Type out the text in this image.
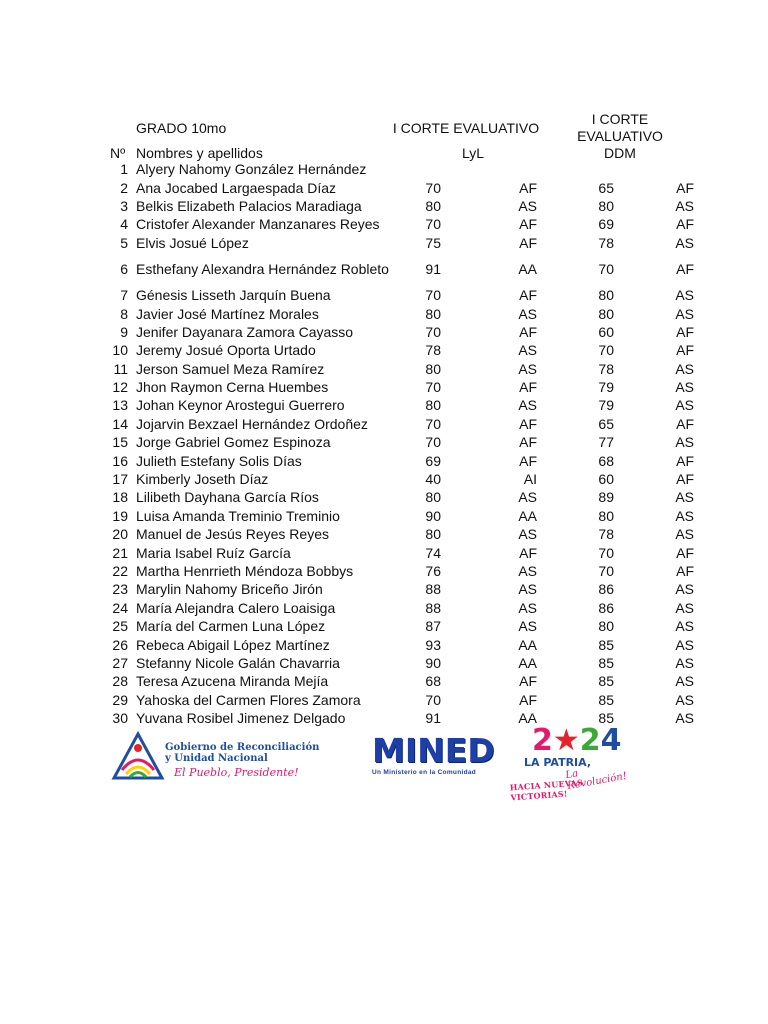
GRADO 10mo	I CORTE EVALUATIVO
I CORTE
EVALUATIVO
Nº Nombres y apellidos	LyL	DDM
1	Alyery Nahomy González Hernández				
2	Ana Jocabed Largaespada Díaz	70	AF	65	AF
3	Belkis Elizabeth Palacios Maradiaga	80	AS	80	AS
4	Cristofer Alexander Manzanares Reyes	70	AF	69	AF
5	Elvis Josué López	75	AF	78	AS
6	Esthefany Alexandra Hernández Robleto	91	AA	70	AF
7	Génesis Lisseth Jarquín Buena	70	AF	80	AS
8	Javier José Martínez Morales	80	AS	80	AS
9	Jenifer Dayanara Zamora Cayasso	70	AF	60	AF
10	Jeremy Josué Oporta Urtado	78	AS	70	AF
11	Jerson Samuel Meza Ramírez	80	AS	78	AS
12	Jhon Raymon Cerna Huembes	70	AF	79	AS
13	Johan Keynor Arostegui Guerrero	80	AS	79	AS
14	Jojarvin Bexzael Hernández Ordoñez	70	AF	65	AF
15	Jorge Gabriel Gomez Espinoza	70	AF	77	AS
16	Julieth Estefany Solis Días	69	AF	68	AF
17	Kimberly Joseth Díaz	40	AI	60	AF
18	Lilibeth Dayhana García Ríos	80	AS	89	AS
19	Luisa Amanda Treminio Treminio	90	AA	80	AS
20	Manuel de Jesús Reyes Reyes	80	AS	78	AS
21	Maria Isabel Ruíz García	74	AF	70	AF
22	Martha Henrrieth Méndoza Bobbys	76	AS	70	AF
23	Marylin Nahomy Briceño Jirón	88	AS	86	AS
24	María Alejandra Calero Loaisiga	88	AS	86	AS
25	María del Carmen Luna López	87	AS	80	AS
26	Rebeca Abigail López Martínez	93	AA	85	AS
27	Stefanny Nicole Galán Chavarria	90	AA	85	AS
28	Teresa Azucena Miranda Mejía	68	AF	85	AS
29	Yahoska del Carmen Flores Zamora	70	AF	85	AS
30	Yuvana Rosibel Jimenez Delgado	91	AA	85	AS
Gobierno de Reconciliación
y Unidad Nacional
El Pueblo, Presidente!
MINED
Un Ministerio en la Comunidad
2★24
LA PATRIA,
La Revolución!
HACIA NUEVAS VICTORIAS!
